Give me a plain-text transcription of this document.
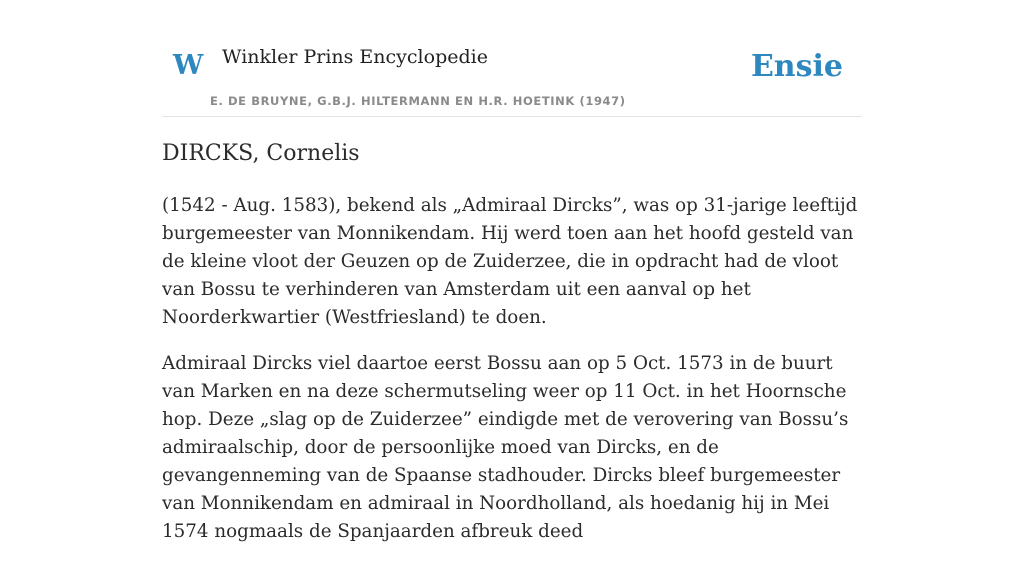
W Winkler Prins Encyclopedie
E. DE BRUYNE, G.B.J. HILTERMANN EN H.R. HOETINK (1947)
Ensie
DIRCKS, Cornelis

(1542 - Aug. 1583), bekend als „Admiraal Dircks”, was op 31-jarige leeftijd burgemeester van Monnikendam. Hij werd toen aan het hoofd gesteld van de kleine vloot der Geuzen op de Zuiderzee, die in opdracht had de vloot van Bossu te verhinderen van Amsterdam uit een aanval op het Noorderkwartier (Westfriesland) te doen.

Admiraal Dircks viel daartoe eerst Bossu aan op 5 Oct. 1573 in de buurt van Marken en na deze schermutseling weer op 11 Oct. in het Hoornsche hop. Deze „slag op de Zuiderzee” eindigde met de verovering van Bossu’s admiraalschip, door de persoonlijke moed van Dircks, en de gevangenneming van de Spaanse stadhouder. Dircks bleef burgemeester van Monnikendam en admiraal in Noordholland, als hoedanig hij in Mei 1574 nogmaals de Spanjaarden afbreuk deed
